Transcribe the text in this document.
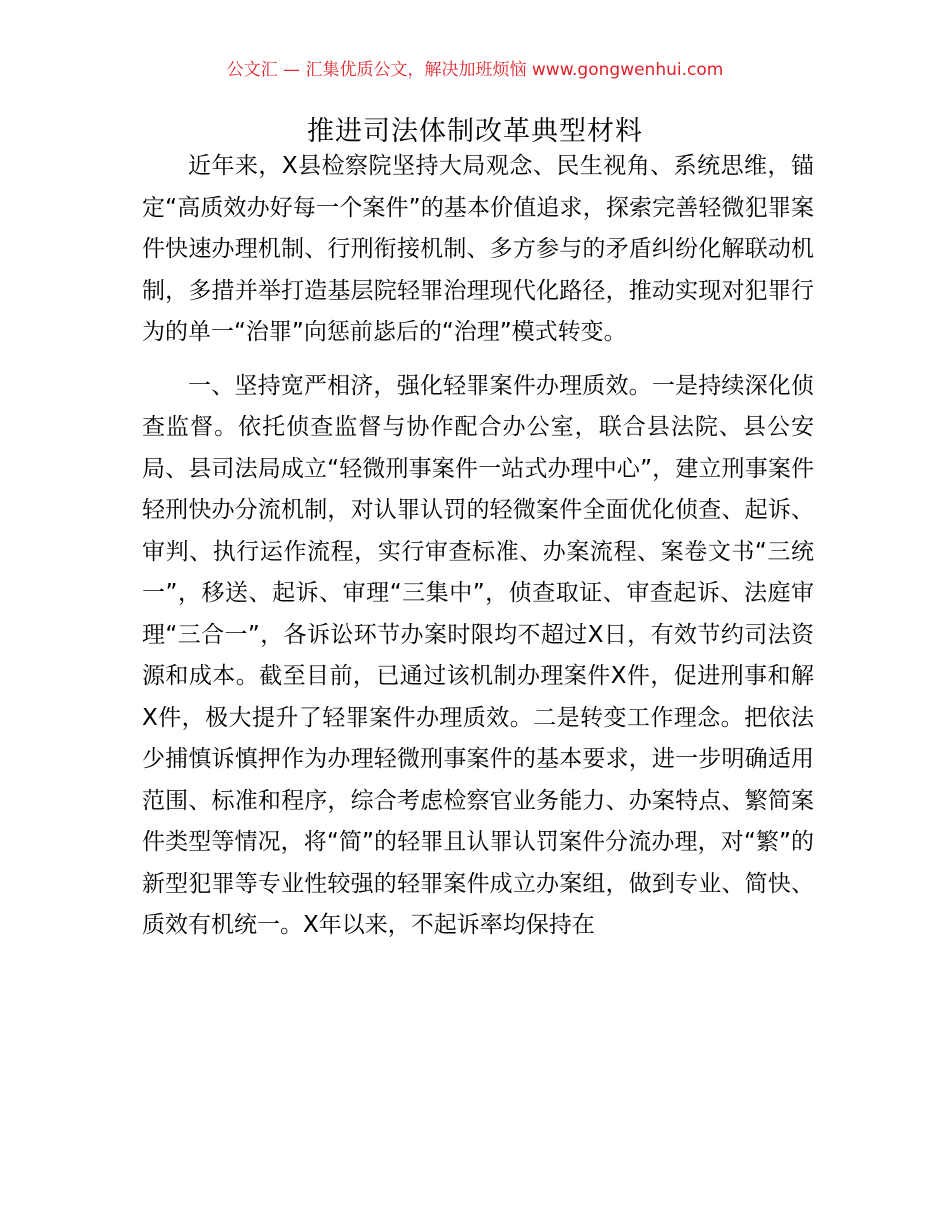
公文汇 — 汇集优质公文，解决加班烦恼 www.gongwenhui.com
推进司法体制改革典型材料

近年来，X县检察院坚持大局观念、民生视角、系统思维，锚定“高质效办好每一个案件”的基本价值追求，探索完善轻微犯罪案件快速办理机制、行刑衔接机制、多方参与的矛盾纠纷化解联动机制，多措并举打造基层院轻罪治理现代化路径，推动实现对犯罪行为的单一“治罪”向惩前毖后的“治理”模式转变。

一、坚持宽严相济，强化轻罪案件办理质效。一是持续深化侦查监督。依托侦查监督与协作配合办公室，联合县法院、县公安局、县司法局成立“轻微刑事案件一站式办理中心”，建立刑事案件轻刑快办分流机制，对认罪认罚的轻微案件全面优化侦查、起诉、审判、执行运作流程，实行审查标准、办案流程、案卷文书“三统一”，移送、起诉、审理“三集中”，侦查取证、审查起诉、法庭审理“三合一”，各诉讼环节办案时限均不超过X日，有效节约司法资源和成本。截至目前，已通过该机制办理案件X件，促进刑事和解X件，极大提升了轻罪案件办理质效。二是转变工作理念。把依法少捕慎诉慎押作为办理轻微刑事案件的基本要求，进一步明确适用范围、标准和程序，综合考虑检察官业务能力、办案特点、繁简案件类型等情况，将“简”的轻罪且认罪认罚案件分流办理，对“繁”的新型犯罪等专业性较强的轻罪案件成立办案组，做到专业、简快、质效有机统一。X年以来，不起诉率均保持在
